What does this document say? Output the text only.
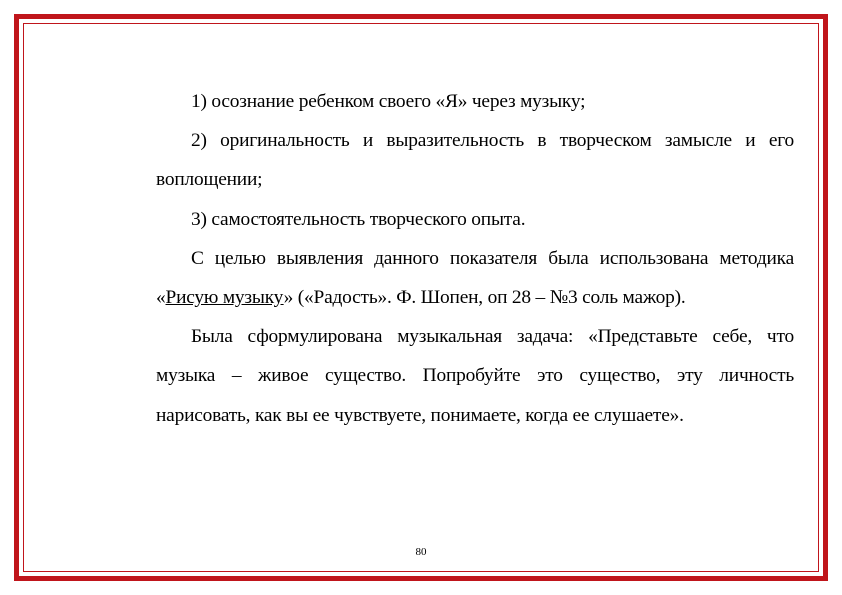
1) осознание ребенком своего «Я» через музыку;

2) оригинальность и выразительность в творческом замысле и его воплощении;

3) самостоятельность творческого опыта.

С целью выявления данного показателя была использована методика «Рисую музыку» («Радость». Ф. Шопен, оп 28 – №3 соль мажор).

Была сформулирована музыкальная задача: «Представьте себе, что музыка – живое существо. Попробуйте это существо, эту личность нарисовать, как вы ее чувствуете, понимаете, когда ее слушаете».

80
